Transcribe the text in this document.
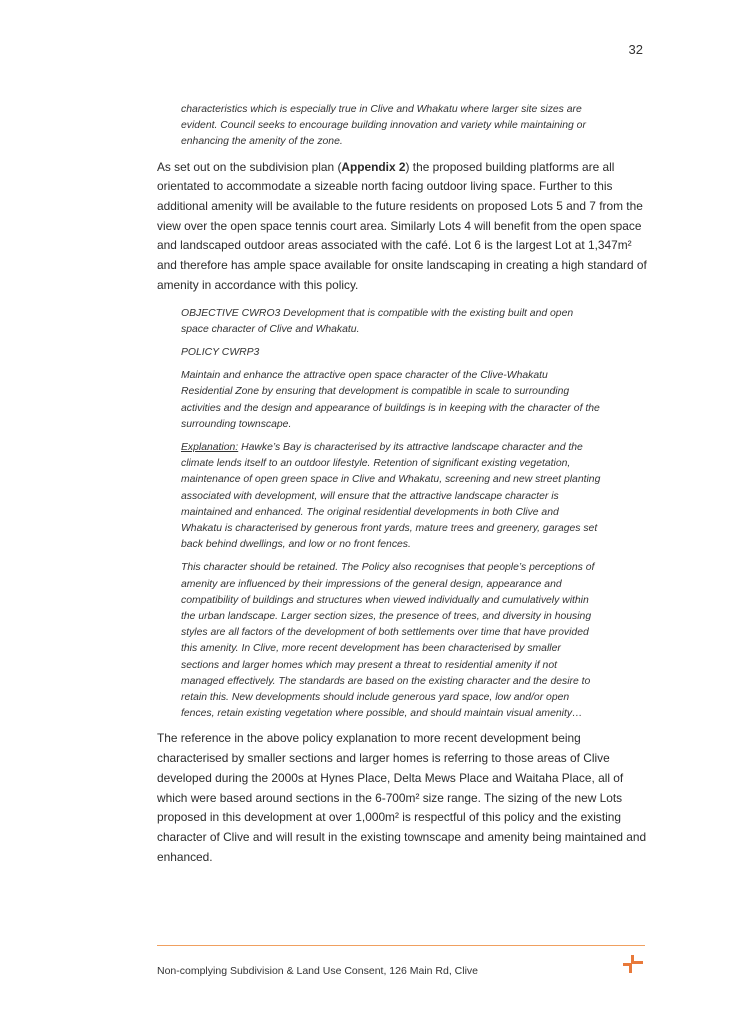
32

characteristics which is especially true in Clive and Whakatu where larger site sizes are evident. Council seeks to encourage building innovation and variety while maintaining or enhancing the amenity of the zone.

As set out on the subdivision plan (Appendix 2) the proposed building platforms are all orientated to accommodate a sizeable north facing outdoor living space. Further to this additional amenity will be available to the future residents on proposed Lots 5 and 7 from the view over the open space tennis court area. Similarly Lots 4 will benefit from the open space and landscaped outdoor areas associated with the café. Lot 6 is the largest Lot at 1,347m² and therefore has ample space available for onsite landscaping in creating a high standard of amenity in accordance with this policy.

OBJECTIVE CWRO3 Development that is compatible with the existing built and open space character of Clive and Whakatu.

POLICY CWRP3

Maintain and enhance the attractive open space character of the Clive-Whakatu Residential Zone by ensuring that development is compatible in scale to surrounding activities and the design and appearance of buildings is in keeping with the character of the surrounding townscape.

Explanation: Hawke’s Bay is characterised by its attractive landscape character and the climate lends itself to an outdoor lifestyle. Retention of significant existing vegetation, maintenance of open green space in Clive and Whakatu, screening and new street planting associated with development, will ensure that the attractive landscape character is maintained and enhanced. The original residential developments in both Clive and Whakatu is characterised by generous front yards, mature trees and greenery, garages set back behind dwellings, and low or no front fences.

This character should be retained. The Policy also recognises that people’s perceptions of amenity are influenced by their impressions of the general design, appearance and compatibility of buildings and structures when viewed individually and cumulatively within the urban landscape. Larger section sizes, the presence of trees, and diversity in housing styles are all factors of the development of both settlements over time that have provided this amenity. In Clive, more recent development has been characterised by smaller sections and larger homes which may present a threat to residential amenity if not managed effectively. The standards are based on the existing character and the desire to retain this. New developments should include generous yard space, low and/or open fences, retain existing vegetation where possible, and should maintain visual amenity…

The reference in the above policy explanation to more recent development being characterised by smaller sections and larger homes is referring to those areas of Clive developed during the 2000s at Hynes Place, Delta Mews Place and Waitaha Place, all of which were based around sections in the 6-700m² size range. The sizing of the new Lots proposed in this development at over 1,000m² is respectful of this policy and the existing character of Clive and will result in the existing townscape and amenity being maintained and enhanced.

Non-complying Subdivision & Land Use Consent, 126 Main Rd, Clive
